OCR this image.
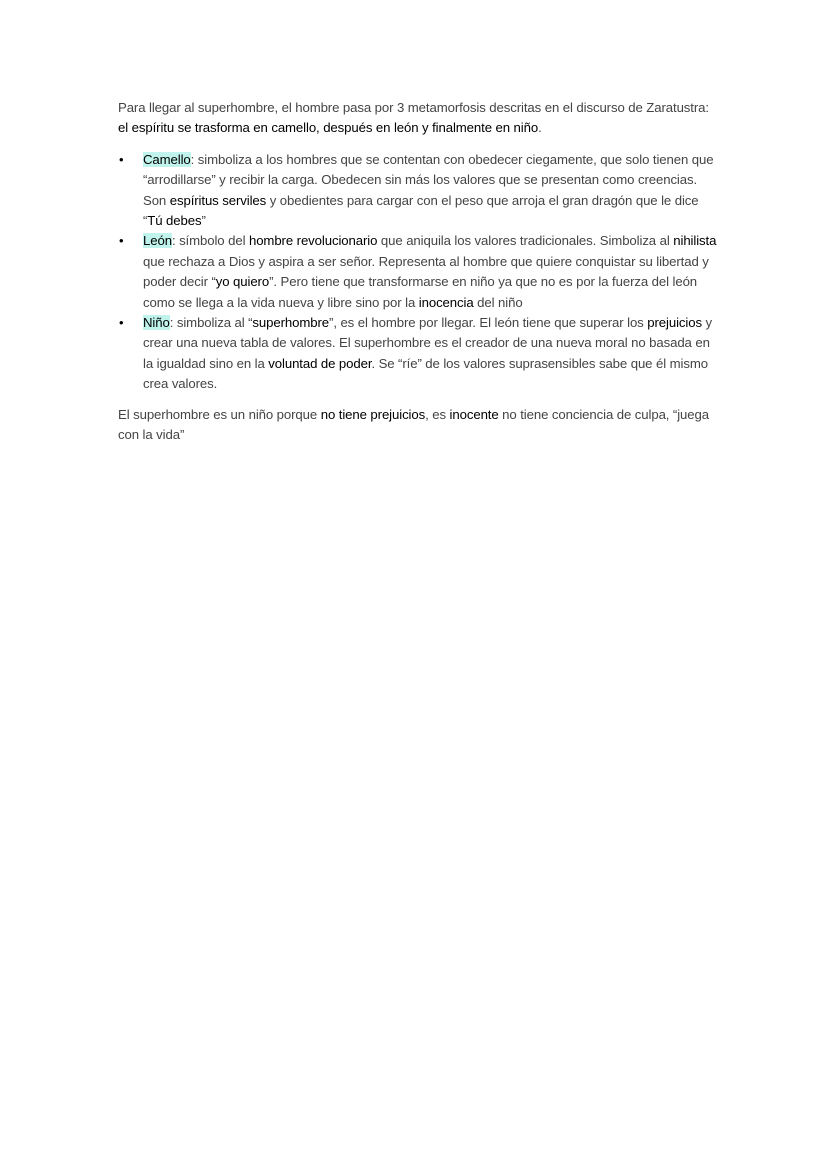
Para llegar al superhombre, el hombre pasa por 3 metamorfosis descritas en el discurso de Zaratustra: el espíritu se trasforma en camello, después en león y finalmente en niño.

• Camello: simboliza a los hombres que se contentan con obedecer ciegamente, que solo tienen que “arrodillarse” y recibir la carga. Obedecen sin más los valores que se presentan como creencias. Son espíritus serviles y obedientes para cargar con el peso que arroja el gran dragón que le dice “Tú debes”
• León: símbolo del hombre revolucionario que aniquila los valores tradicionales. Simboliza al nihilista que rechaza a Dios y aspira a ser señor. Representa al hombre que quiere conquistar su libertad y poder decir “yo quiero”. Pero tiene que transformarse en niño ya que no es por la fuerza del león como se llega a la vida nueva y libre sino por la inocencia del niño
• Niño: simboliza al “superhombre”, es el hombre por llegar. El león tiene que superar los prejuicios y crear una nueva tabla de valores. El superhombre es el creador de una nueva moral no basada en la igualdad sino en la voluntad de poder. Se “ríe” de los valores suprasensibles sabe que él mismo crea valores.

El superhombre es un niño porque no tiene prejuicios, es inocente no tiene conciencia de culpa, “juega con la vida”
